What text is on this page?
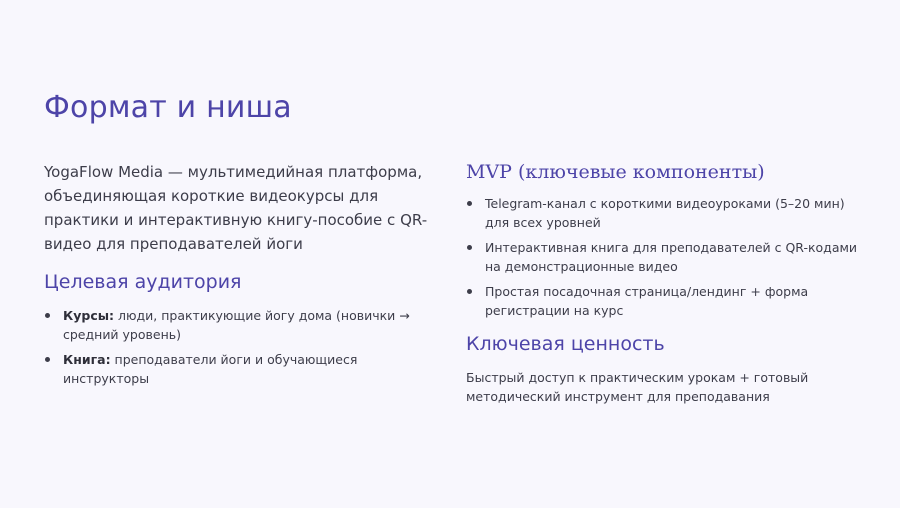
Формат и ниша

YogaFlow Media — мультимедийная платформа, объединяющая короткие видеокурсы для практики и интерактивную книгу-пособие с QR-видео для преподавателей йоги

Целевая аудитория
Курсы: люди, практикующие йогу дома (новички → средний уровень)
Книга: преподаватели йоги и обучающиеся инструкторы
MVP (ключевые компоненты)
Telegram-канал с короткими видеоуроками (5–20 мин) для всех уровней
Интерактивная книга для преподавателей с QR-кодами на демонстрационные видео
Простая посадочная страница/лендинг + форма регистрации на курс
Ключевая ценность

Быстрый доступ к практическим урокам + готовый методический инструмент для преподавания
